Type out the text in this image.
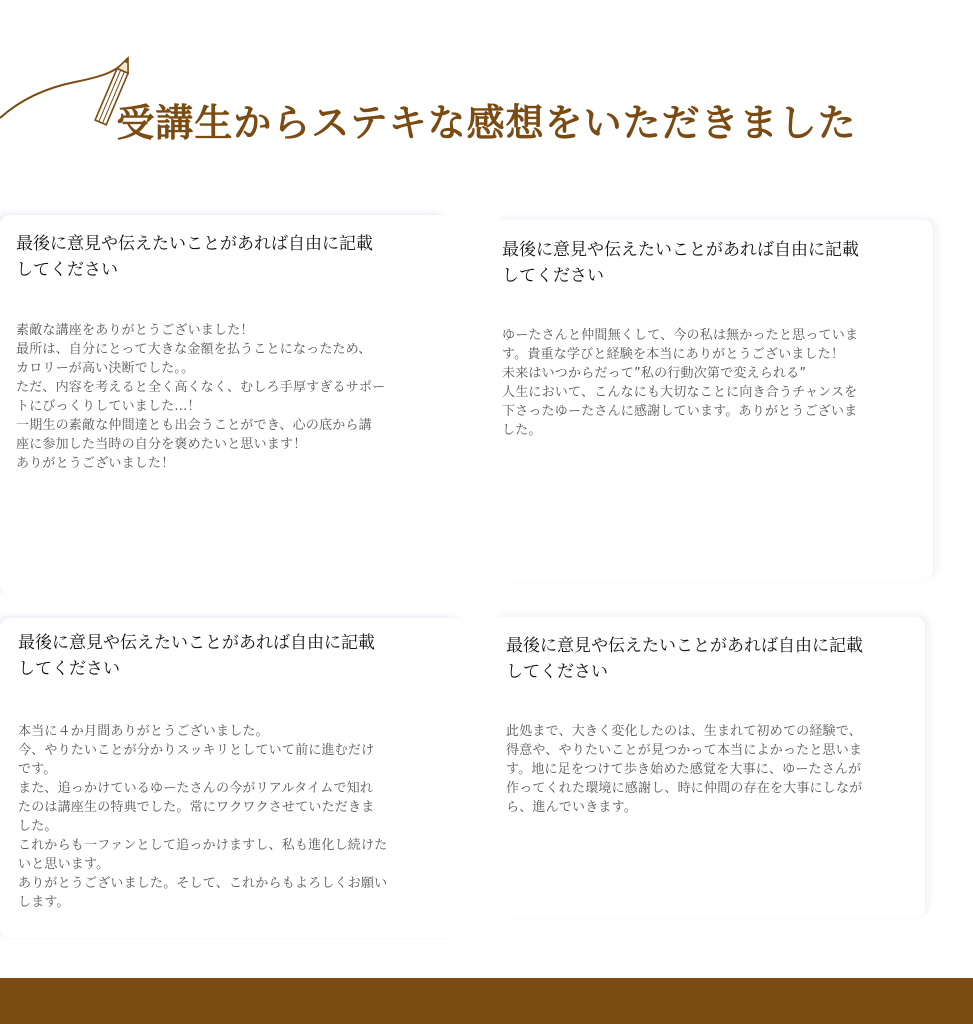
受講生からステキな感想をいただきました

最後に意見や伝えたいことがあれば自由に記載
してください

素敵な講座をありがとうございました！
最所は、自分にとって大きな金額を払うことになったため、
カロリーが高い決断でした。。
ただ、内容を考えると全く高くなく、むしろ手厚すぎるサポー
トにびっくりしていました...！
一期生の素敵な仲間達とも出会うことができ、心の底から講
座に参加した当時の自分を褒めたいと思います！
ありがとうございました！

最後に意見や伝えたいことがあれば自由に記載
してください

ゆーたさんと仲間無くして、今の私は無かったと思っていま
す。貴重な学びと経験を本当にありがとうございました！
未来はいつからだって”私の行動次第で変えられる”
人生において、こんなにも大切なことに向き合うチャンスを
下さったゆーたさんに感謝しています。ありがとうございま
した。

最後に意見や伝えたいことがあれば自由に記載
してください

本当に４か月間ありがとうございました。
今、やりたいことが分かりスッキリとしていて前に進むだけ
です。
また、追っかけているゆーたさんの今がリアルタイムで知れ
たのは講座生の特典でした。常にワクワクさせていただきま
した。
これからも一ファンとして追っかけますし、私も進化し続けた
いと思います。
ありがとうございました。そして、これからもよろしくお願い
します。

最後に意見や伝えたいことがあれば自由に記載
してください

此処まで、大きく変化したのは、生まれて初めての経験で、
得意や、やりたいことが見つかって本当によかったと思いま
す。地に足をつけて歩き始めた感覚を大事に、ゆーたさんが
作ってくれた環境に感謝し、時に仲間の存在を大事にしなが
ら、進んでいきます。
